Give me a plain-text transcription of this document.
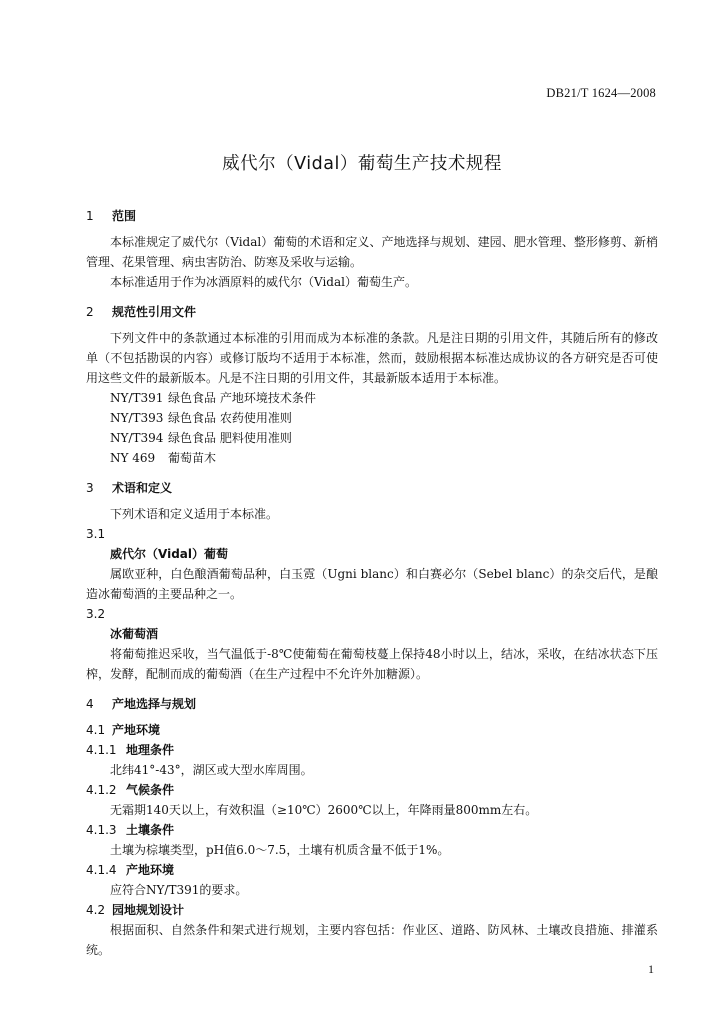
DB21/T 1624—2008
威代尔（Vidal）葡萄生产技术规程

1 范围

本标准规定了威代尔（Vidal）葡萄的术语和定义、产地选择与规划、建园、肥水管理、整形修剪、新梢管理、花果管理、病虫害防治、防寒及采收与运输。

本标准适用于作为冰酒原料的威代尔（Vidal）葡萄生产。

2 规范性引用文件

下列文件中的条款通过本标准的引用而成为本标准的条款。凡是注日期的引用文件，其随后所有的修改单（不包括勘误的内容）或修订版均不适用于本标准，然而，鼓励根据本标准达成协议的各方研究是否可使用这些文件的最新版本。凡是不注日期的引用文件，其最新版本适用于本标准。

NY/T391 绿色食品 产地环境技术条件

NY/T393 绿色食品 农药使用准则

NY/T394 绿色食品 肥料使用准则

NY 469 葡萄苗木

3 术语和定义

下列术语和定义适用于本标准。

3.1

威代尔（Vidal）葡萄

属欧亚种，白色酿酒葡萄品种，白玉霓（Ugni blanc）和白赛必尔（Sebel blanc）的杂交后代，是酿造冰葡萄酒的主要品种之一。

3.2

冰葡萄酒

将葡萄推迟采收，当气温低于-8℃使葡萄在葡萄枝蔓上保持48小时以上，结冰，采收，在结冰状态下压榨，发酵，配制而成的葡萄酒（在生产过程中不允许外加糖源）。

4 产地选择与规划

4.1 产地环境

4.1.1 地理条件

北纬41°-43°，湖区或大型水库周围。

4.1.2 气候条件

无霜期140天以上，有效积温（≥10℃）2600℃以上，年降雨量800mm左右。

4.1.3 土壤条件

土壤为棕壤类型，pH值6.0～7.5，土壤有机质含量不低于1%。

4.1.4 产地环境

应符合NY/T391的要求。

4.2 园地规划设计

根据面积、自然条件和架式进行规划，主要内容包括：作业区、道路、防风林、土壤改良措施、排灌系统。

1
